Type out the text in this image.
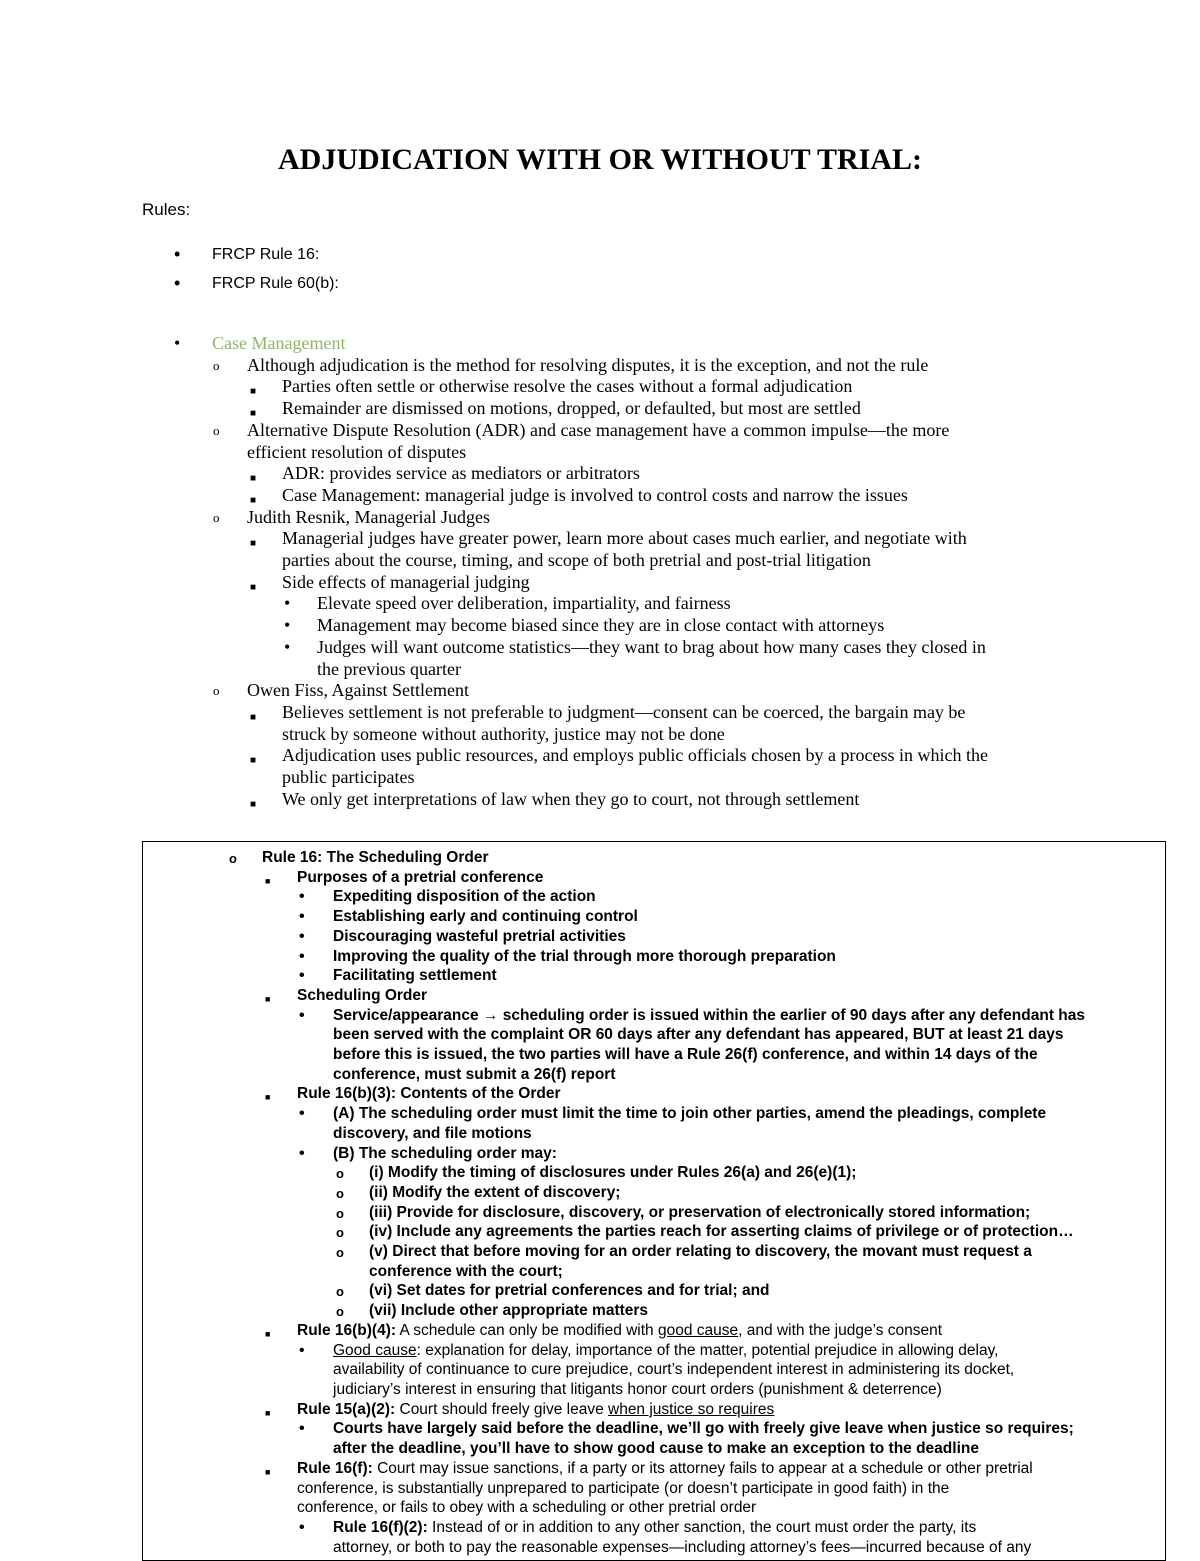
ADJUDICATION WITH OR WITHOUT TRIAL:
Rules:
• FRCP Rule 16:
• FRCP Rule 60(b):
• Case Management
o Although adjudication is the method for resolving disputes, it is the exception, and not the rule
■ Parties often settle or otherwise resolve the cases without a formal adjudication
■ Remainder are dismissed on motions, dropped, or defaulted, but most are settled
o Alternative Dispute Resolution (ADR) and case management have a common impulse—the more
efficient resolution of disputes
■ ADR: provides service as mediators or arbitrators
■ Case Management: managerial judge is involved to control costs and narrow the issues
o Judith Resnik, Managerial Judges
■ Managerial judges have greater power, learn more about cases much earlier, and negotiate with
parties about the course, timing, and scope of both pretrial and post-trial litigation
■ Side effects of managerial judging
• Elevate speed over deliberation, impartiality, and fairness
• Management may become biased since they are in close contact with attorneys
• Judges will want outcome statistics—they want to brag about how many cases they closed in
the previous quarter
o Owen Fiss, Against Settlement
■ Believes settlement is not preferable to judgment—consent can be coerced, the bargain may be
struck by someone without authority, justice may not be done
■ Adjudication uses public resources, and employs public officials chosen by a process in which the
public participates
■ We only get interpretations of law when they go to court, not through settlement
o Rule 16: The Scheduling Order
■ Purposes of a pretrial conference
• Expediting disposition of the action
• Establishing early and continuing control
• Discouraging wasteful pretrial activities
• Improving the quality of the trial through more thorough preparation
• Facilitating settlement
■ Scheduling Order
• Service/appearance → scheduling order is issued within the earlier of 90 days after any defendant has
been served with the complaint OR 60 days after any defendant has appeared, BUT at least 21 days
before this is issued, the two parties will have a Rule 26(f) conference, and within 14 days of the
conference, must submit a 26(f) report
■ Rule 16(b)(3): Contents of the Order
• (A) The scheduling order must limit the time to join other parties, amend the pleadings, complete
discovery, and file motions
• (B) The scheduling order may:
o (i) Modify the timing of disclosures under Rules 26(a) and 26(e)(1);
o (ii) Modify the extent of discovery;
o (iii) Provide for disclosure, discovery, or preservation of electronically stored information;
o (iv) Include any agreements the parties reach for asserting claims of privilege or of protection…
o (v) Direct that before moving for an order relating to discovery, the movant must request a
conference with the court;
o (vi) Set dates for pretrial conferences and for trial; and
o (vii) Include other appropriate matters
■ Rule 16(b)(4): A schedule can only be modified with good cause, and with the judge’s consent
• Good cause: explanation for delay, importance of the matter, potential prejudice in allowing delay,
availability of continuance to cure prejudice, court’s independent interest in administering its docket,
judiciary’s interest in ensuring that litigants honor court orders (punishment & deterrence)
■ Rule 15(a)(2): Court should freely give leave when justice so requires
• Courts have largely said before the deadline, we’ll go with freely give leave when justice so requires;
after the deadline, you’ll have to show good cause to make an exception to the deadline
■ Rule 16(f): Court may issue sanctions, if a party or its attorney fails to appear at a schedule or other pretrial
conference, is substantially unprepared to participate (or doesn’t participate in good faith) in the
conference, or fails to obey with a scheduling or other pretrial order
• Rule 16(f)(2): Instead of or in addition to any other sanction, the court must order the party, its
attorney, or both to pay the reasonable expenses—including attorney’s fees—incurred because of any
